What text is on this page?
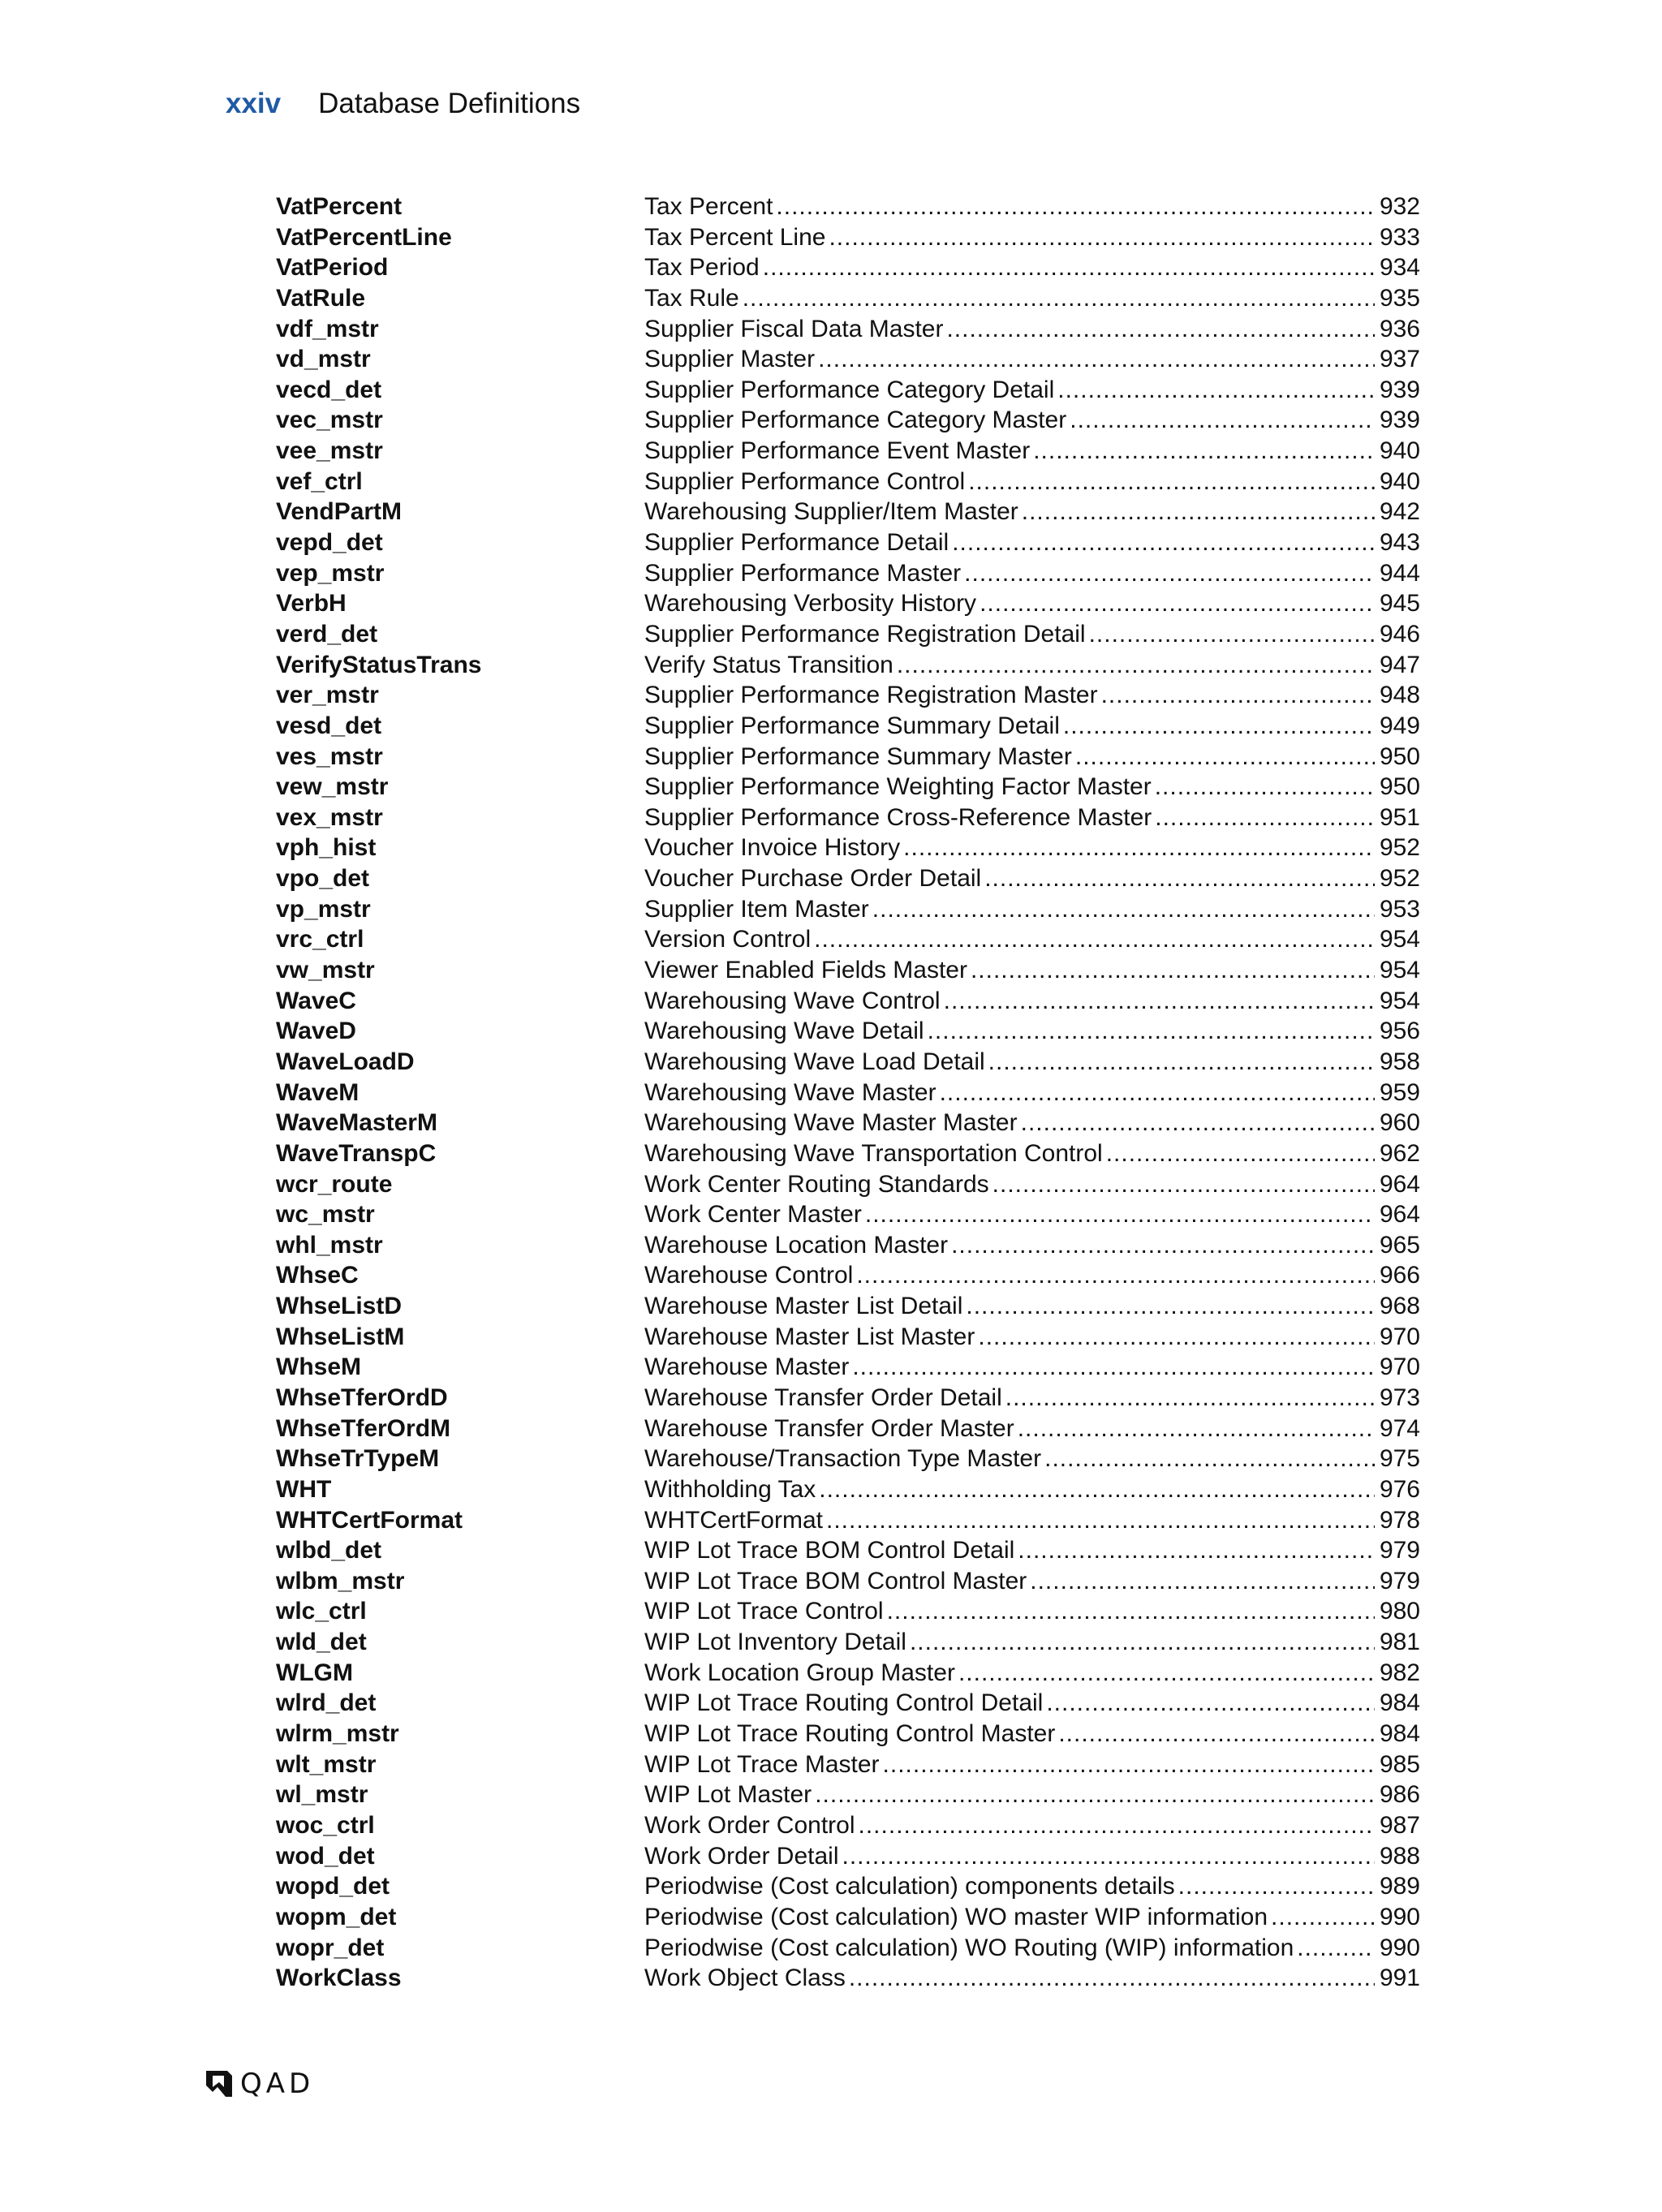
xxiv Database Definitions
VatPercent	Tax Percent .....	932
VatPercentLine	Tax Percent Line .....	933
VatPeriod	Tax Period .....	934
VatRule	Tax Rule .....	935
vdf_mstr	Supplier Fiscal Data Master .....	936
vd_mstr	Supplier Master .....	937
vecd_det	Supplier Performance Category Detail .....	939
vec_mstr	Supplier Performance Category Master .....	939
vee_mstr	Supplier Performance Event Master .....	940
vef_ctrl	Supplier Performance Control .....	940
VendPartM	Warehousing Supplier/Item Master .....	942
vepd_det	Supplier Performance Detail .....	943
vep_mstr	Supplier Performance Master .....	944
VerbH	Warehousing Verbosity History .....	945
verd_det	Supplier Performance Registration Detail .....	946
VerifyStatusTrans	Verify Status Transition .....	947
ver_mstr	Supplier Performance Registration Master .....	948
vesd_det	Supplier Performance Summary Detail .....	949
ves_mstr	Supplier Performance Summary Master .....	950
vew_mstr	Supplier Performance Weighting Factor Master .....	950
vex_mstr	Supplier Performance Cross-Reference Master .....	951
vph_hist	Voucher Invoice History .....	952
vpo_det	Voucher Purchase Order Detail .....	952
vp_mstr	Supplier Item Master .....	953
vrc_ctrl	Version Control .....	954
vw_mstr	Viewer Enabled Fields Master .....	954
WaveC	Warehousing Wave Control .....	954
WaveD	Warehousing Wave Detail .....	956
WaveLoadD	Warehousing Wave Load Detail .....	958
WaveM	Warehousing Wave Master .....	959
WaveMasterM	Warehousing Wave Master Master .....	960
WaveTranspC	Warehousing Wave Transportation Control .....	962
wcr_route	Work Center Routing Standards .....	964
wc_mstr	Work Center Master .....	964
whl_mstr	Warehouse Location Master .....	965
WhseC	Warehouse Control .....	966
WhseListD	Warehouse Master List Detail .....	968
WhseListM	Warehouse Master List Master .....	970
WhseM	Warehouse Master .....	970
WhseTferOrdD	Warehouse Transfer Order Detail .....	973
WhseTferOrdM	Warehouse Transfer Order Master .....	974
WhseTrTypeM	Warehouse/Transaction Type Master .....	975
WHT	Withholding Tax .....	976
WHTCertFormat	WHTCertFormat .....	978
wlbd_det	WIP Lot Trace BOM Control Detail .....	979
wlbm_mstr	WIP Lot Trace BOM Control Master .....	979
wlc_ctrl	WIP Lot Trace Control .....	980
wld_det	WIP Lot Inventory Detail .....	981
WLGM	Work Location Group Master .....	982
wlrd_det	WIP Lot Trace Routing Control Detail .....	984
wlrm_mstr	WIP Lot Trace Routing Control Master .....	984
wlt_mstr	WIP Lot Trace Master .....	985
wl_mstr	WIP Lot Master .....	986
woc_ctrl	Work Order Control .....	987
wod_det	Work Order Detail .....	988
wopd_det	Periodwise (Cost calculation) components details .....	989
wopm_det	Periodwise (Cost calculation) WO master WIP information .....	990
wopr_det	Periodwise (Cost calculation) WO Routing (WIP) information .....	990
WorkClass	Work Object Class .....	991
QAD
